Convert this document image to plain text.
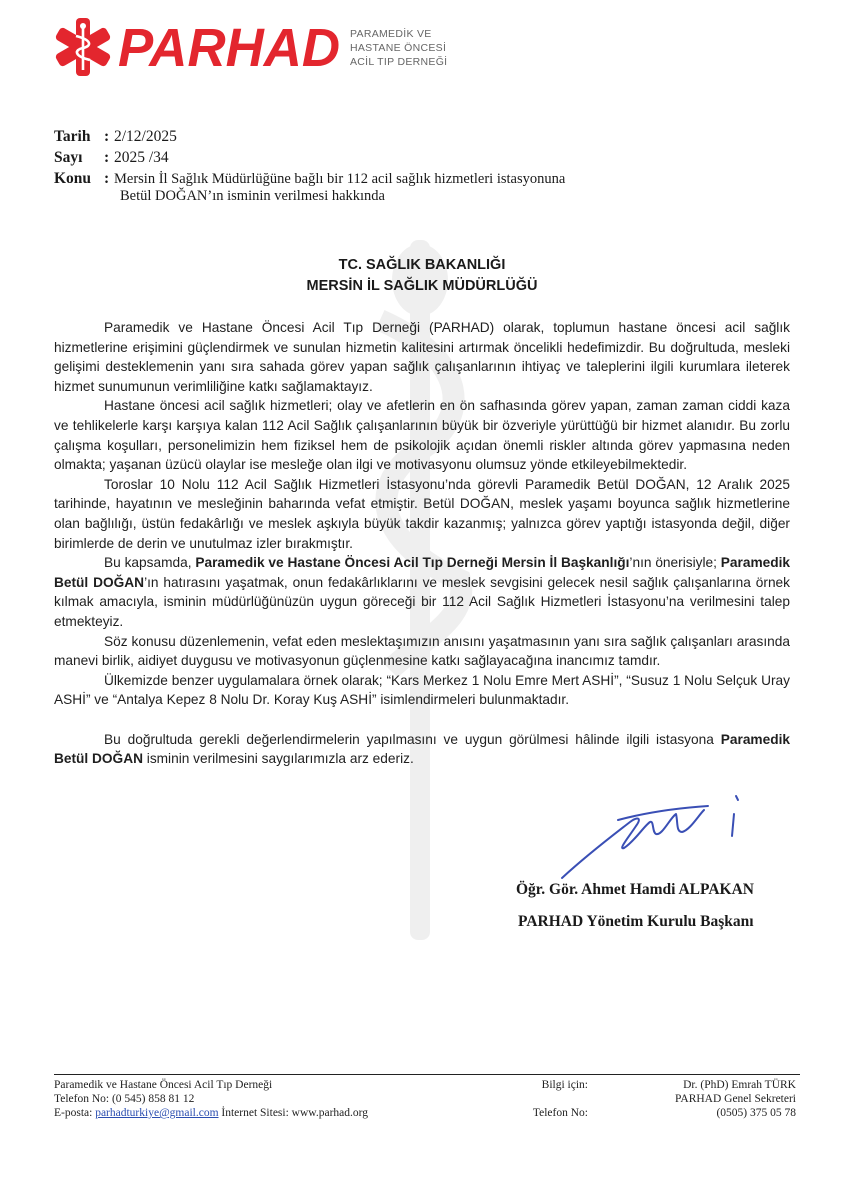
PARHAD PARAMEDİK VE
HASTANE ÖNCESİ
ACİL TIP DERNEĞİ
Tarih : 2/12/2025
Sayı : 2025 /34
Konu : Mersin İl Sağlık Müdürlüğüne bağlı bir 112 acil sağlık hizmetleri istasyonuna
Betül DOĞAN’ın isminin verilmesi hakkında
TC. SAĞLIK BAKANLIĞI
MERSİN İL SAĞLIK MÜDÜRLÜĞÜ

Paramedik ve Hastane Öncesi Acil Tıp Derneği (PARHAD) olarak, toplumun hastane öncesi acil sağlık hizmetlerine erişimini güçlendirmek ve sunulan hizmetin kalitesini artırmak öncelikli hedefimizdir. Bu doğrultuda, mesleki gelişimi desteklemenin yanı sıra sahada görev yapan sağlık çalışanlarının ihtiyaç ve taleplerini ilgili kurumlara ileterek hizmet sunumunun verimliliğine katkı sağlamaktayız.

Hastane öncesi acil sağlık hizmetleri; olay ve afetlerin en ön safhasında görev yapan, zaman zaman ciddi kaza ve tehlikelerle karşı karşıya kalan 112 Acil Sağlık çalışanlarının büyük bir özveriyle yürüttüğü bir hizmet alanıdır. Bu zorlu çalışma koşulları, personelimizin hem fiziksel hem de psikolojik açıdan önemli riskler altında görev yapmasına neden olmakta; yaşanan üzücü olaylar ise mesleğe olan ilgi ve motivasyonu olumsuz yönde etkileyebilmektedir.

Toroslar 10 Nolu 112 Acil Sağlık Hizmetleri İstasyonu’nda görevli Paramedik Betül DOĞAN, 12 Aralık 2025 tarihinde, hayatının ve mesleğinin baharında vefat etmiştir. Betül DOĞAN, meslek yaşamı boyunca sağlık hizmetlerine olan bağlılığı, üstün fedakârlığı ve meslek aşkıyla büyük takdir kazanmış; yalnızca görev yaptığı istasyonda değil, diğer birimlerde de derin ve unutulmaz izler bırakmıştır.

Bu kapsamda, Paramedik ve Hastane Öncesi Acil Tıp Derneği Mersin İl Başkanlığı’nın önerisiyle; Paramedik Betül DOĞAN’ın hatırasını yaşatmak, onun fedakârlıklarını ve meslek sevgisini gelecek nesil sağlık çalışanlarına örnek kılmak amacıyla, isminin müdürlüğünüzün uygun göreceği bir 112 Acil Sağlık Hizmetleri İstasyonu’na verilmesini talep etmekteyiz.

Söz konusu düzenlemenin, vefat eden meslektaşımızın anısını yaşatmasının yanı sıra sağlık çalışanları arasında manevi birlik, aidiyet duygusu ve motivasyonun güçlenmesine katkı sağlayacağına inancımız tamdır.

Ülkemizde benzer uygulamalara örnek olarak; “Kars Merkez 1 Nolu Emre Mert ASHİ”, “Susuz 1 Nolu Selçuk Uray ASHİ” ve “Antalya Kepez 8 Nolu Dr. Koray Kuş ASHİ” isimlendirmeleri bulunmaktadır.

Bu doğrultuda gerekli değerlendirmelerin yapılmasını ve uygun görülmesi hâlinde ilgili istasyona Paramedik Betül DOĞAN isminin verilmesini saygılarımızla arz ederiz.

Öğr. Gör. Ahmet Hamdi ALPAKAN
PARHAD Yönetim Kurulu Başkanı
Paramedik ve Hastane Öncesi Acil Tıp Derneği
Telefon No: (0 545) 858 81 12
E-posta: parhadturkiye@gmail.com İnternet Sitesi: www.parhad.org
Bilgi için:

Telefon No:
Dr. (PhD) Emrah TÜRK
PARHAD Genel Sekreteri
(0505) 375 05 78
